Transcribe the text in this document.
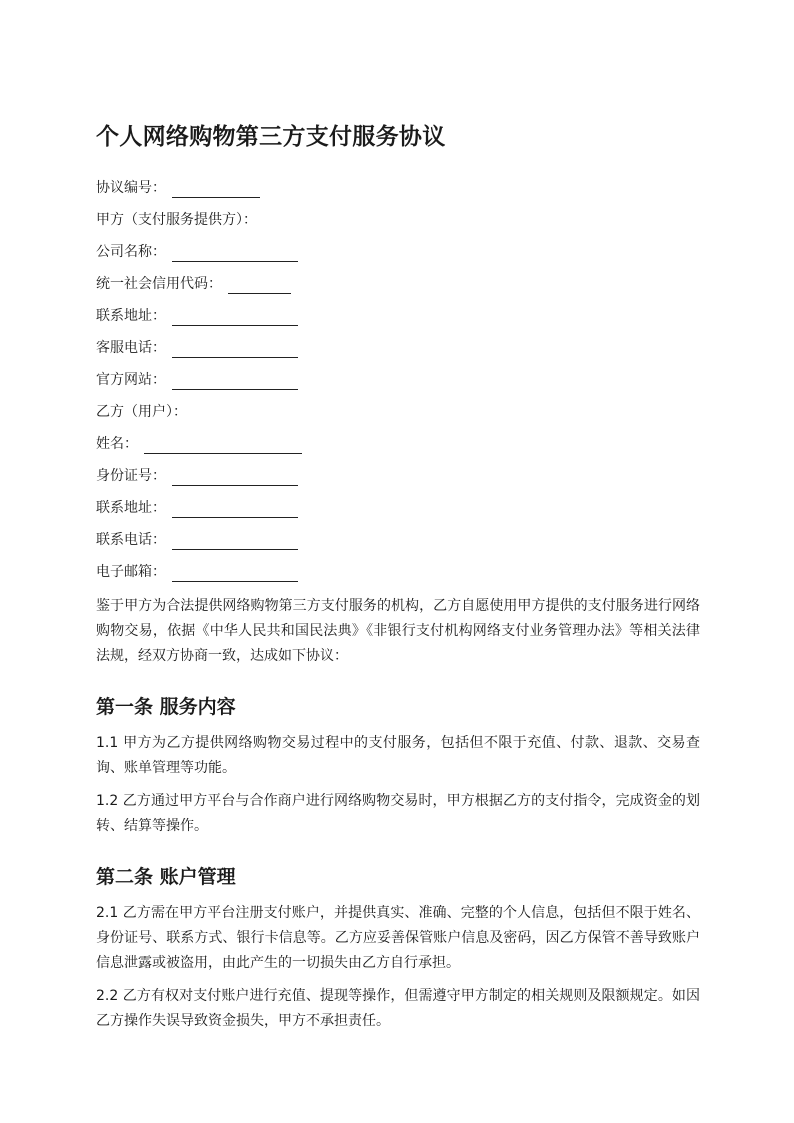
个人网络购物第三方支付服务协议
协议编号：
甲方（支付服务提供方）：
公司名称：
统一社会信用代码：
联系地址：
客服电话：
官方网站：
乙方（用户）：
姓名：
身份证号：
联系地址：
联系电话：
电子邮箱：

鉴于甲方为合法提供网络购物第三方支付服务的机构，乙方自愿使用甲方提供的支付服务进行网络购物交易，依据《中华人民共和国民法典》《非银行支付机构网络支付业务管理办法》等相关法律法规，经双方协商一致，达成如下协议：

第一条 服务内容

1.1 甲方为乙方提供网络购物交易过程中的支付服务，包括但不限于充值、付款、退款、交易查询、账单管理等功能。

1.2 乙方通过甲方平台与合作商户进行网络购物交易时，甲方根据乙方的支付指令，完成资金的划转、结算等操作。

第二条 账户管理

2.1 乙方需在甲方平台注册支付账户，并提供真实、准确、完整的个人信息，包括但不限于姓名、身份证号、联系方式、银行卡信息等。乙方应妥善保管账户信息及密码，因乙方保管不善导致账户信息泄露或被盗用，由此产生的一切损失由乙方自行承担。

2.2 乙方有权对支付账户进行充值、提现等操作，但需遵守甲方制定的相关规则及限额规定。如因乙方操作失误导致资金损失，甲方不承担责任。
